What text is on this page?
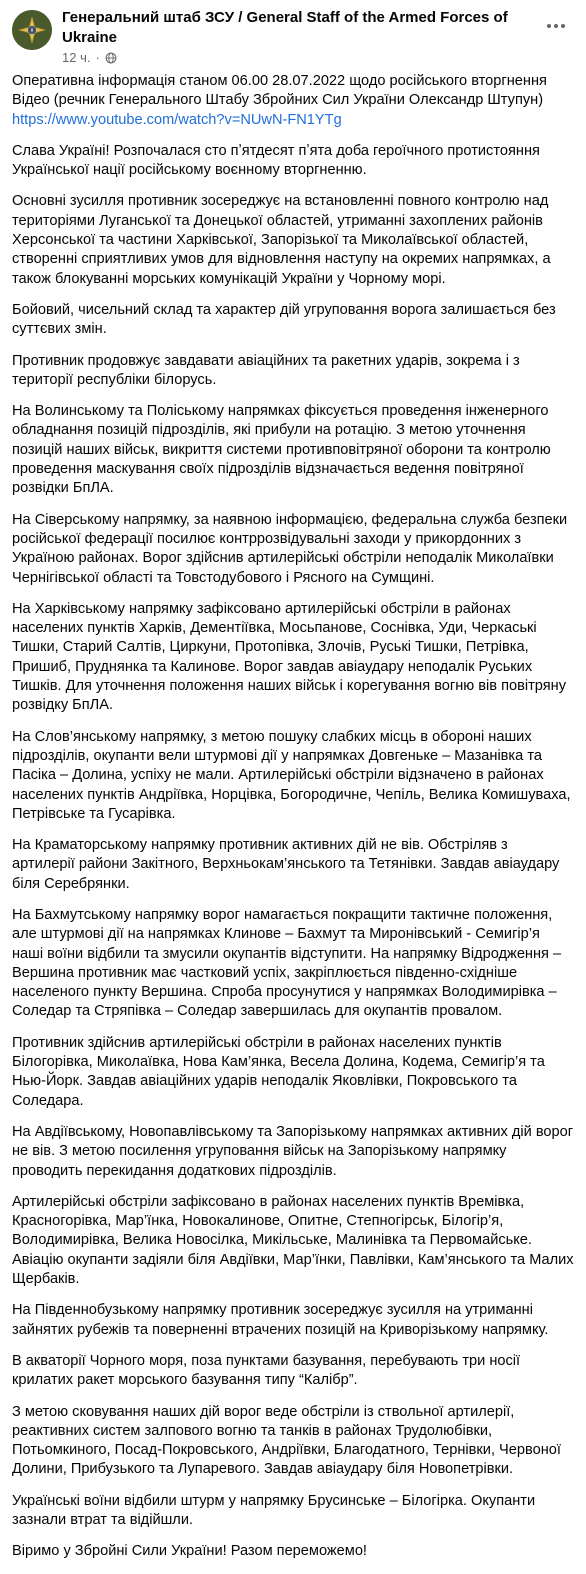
Генеральний штаб ЗСУ / General Staff of the Armed Forces of Ukraine
12 ч. ·

Оперативна інформація станом 06.00 28.07.2022 щодо російського вторгнення Відео (речник Генерального Штабу Збройних Сил України Олександр Штупун)
https://www.youtube.com/watch?v=NUwN-FN1YTg

Слава Україні! Розпочалася сто пʼятдесят пʼята доба героїчного протистояння Української нації російському воєнному вторгненню.

Основні зусилля противник зосереджує на встановленні повного контролю над територіями Луганської та Донецької областей, утриманні захоплених районів Херсонської та частини Харківської, Запорізької та Миколаївської областей, створенні сприятливих умов для відновлення наступу на окремих напрямках, а також блокуванні морських комунікацій України у Чорному морі.

Бойовий, чисельний склад та характер дій угруповання ворога залишається без суттєвих змін.

Противник продовжує завдавати авіаційних та ракетних ударів, зокрема і з території республіки білорусь.

На Волинському та Поліському напрямках фіксується проведення інженерного обладнання позицій підрозділів, які прибули на ротацію. З метою уточнення позицій наших військ, викриття системи противповітряної оборони та контролю проведення маскування своїх підрозділів відзначається ведення повітряної розвідки БпЛА.

На Сіверському напрямку, за наявною інформацією, федеральна служба безпеки російської федерації посилює контррозвідувальні заходи у прикордонних з Україною районах. Ворог здійснив артилерійські обстріли неподалік Миколаївки Чернігівської області та Товстодубового і Рясного на Сумщині.

На Харківському напрямку зафіксовано артилерійські обстріли в районах населених пунктів Харків, Дементіївка, Мосьпанове, Соснівка, Уди, Черкаські Тишки, Старий Салтів, Циркуни, Протопівка, Злочів, Руські Тишки, Петрівка, Пришиб, Пруднянка та Калинове. Ворог завдав авіаудару неподалік Руських Тишків. Для уточнення положення наших військ і корегування вогню вів повітряну розвідку БпЛА.

На Слов’янському напрямку, з метою пошуку слабких місць в обороні наших підрозділів, окупанти вели штурмові дії у напрямках Довгеньке – Мазанівка та Пасіка – Долина, успіху не мали. Артилерійські обстріли відзначено в районах населених пунктів Андріївка, Норцівка, Богородичне, Чепіль, Велика Комишуваха, Петрівське та Гусарівка.

На Краматорському напрямку противник активних дій не вів. Обстріляв з артилерії райони Закітного, Верхньокам’янського та Тетянівки. Завдав авіаудару біля Серебрянки.

На Бахмутському напрямку ворог намагається покращити тактичне положення, але штурмові дії на напрямках Клинове – Бахмут та Миронівський - Семигір’я наші воїни відбили та змусили окупантів відступити. На напрямку Відродження – Вершина противник має частковий успіх, закріплюється південно-східніше населеного пункту Вершина. Спроба просунутися у напрямках Володимирівка – Соледар та Стряпівка – Соледар завершилась для окупантів провалом.

Противник здійснив артилерійські обстріли в районах населених пунктів Білогорівка, Миколаївка, Нова Кам’янка, Весела Долина, Кодема, Семигір’я та Нью-Йорк. Завдав авіаційних ударів неподалік Яковлівки, Покровського та Соледара.

На Авдіївському, Новопавлівському та Запорізькому напрямках активних дій ворог не вів. З метою посилення угруповання військ на Запорізькому напрямку проводить перекидання додаткових підрозділів.

Артилерійські обстріли зафіксовано в районах населених пунктів Времівка, Красногорівка, Мар’їнка, Новокалинове, Опитне, Степногірськ, Білогір’я, Володимирівка, Велика Новосілка, Микільське, Малинівка та Первомайське. Авіацію окупанти задіяли біля Авдіївки, Мар’їнки, Павлівки, Кам’янського та Малих Щербаків.

На Південнобузькому напрямку противник зосереджує зусилля на утриманні зайнятих рубежів та поверненні втрачених позицій на Криворізькому напрямку.

В акваторії Чорного моря, поза пунктами базування, перебувають три носії крилатих ракет морського базування типу “Калібр”.

З метою сковування наших дій ворог веде обстріли із ствольної артилерії, реактивних систем залпового вогню та танків в районах Трудолюбівки, Потьомкиного, Посад-Покровського, Андріївки, Благодатного, Тернівки, Червоної Долини, Прибузького та Лупаревого. Завдав авіаудару біля Новопетрівки.

Українські воїни відбили штурм у напрямку Брусинське – Білогірка. Окупанти зазнали втрат та відійшли.

Віримо у Збройні Сили України! Разом переможемо!
